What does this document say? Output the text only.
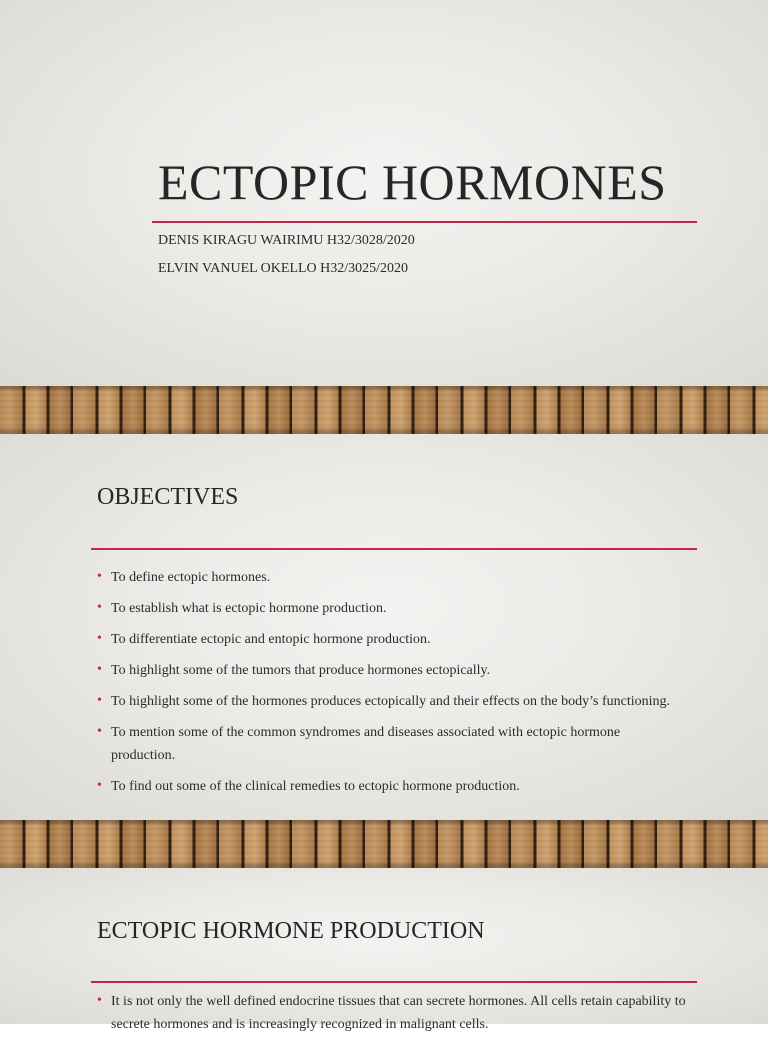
ECTOPIC HORMONES
DENIS KIRAGU WAIRIMU H32/3028/2020
ELVIN VANUEL OKELLO H32/3025/2020
OBJECTIVES
• To define ectopic hormones.
• To establish what is ectopic hormone production.
• To differentiate ectopic and entopic hormone production.
• To highlight some of the tumors that produce hormones ectopically.
• To highlight some of the hormones produces ectopically and their effects on the body’s functioning.
• To mention some of the common syndromes and diseases associated with ectopic hormone production.
• To find out some of the clinical remedies to ectopic hormone production.
ECTOPIC HORMONE PRODUCTION
• It is not only the well defined endocrine tissues that can secrete hormones. All cells retain capability to secrete hormones and is increasingly recognized in malignant cells.
